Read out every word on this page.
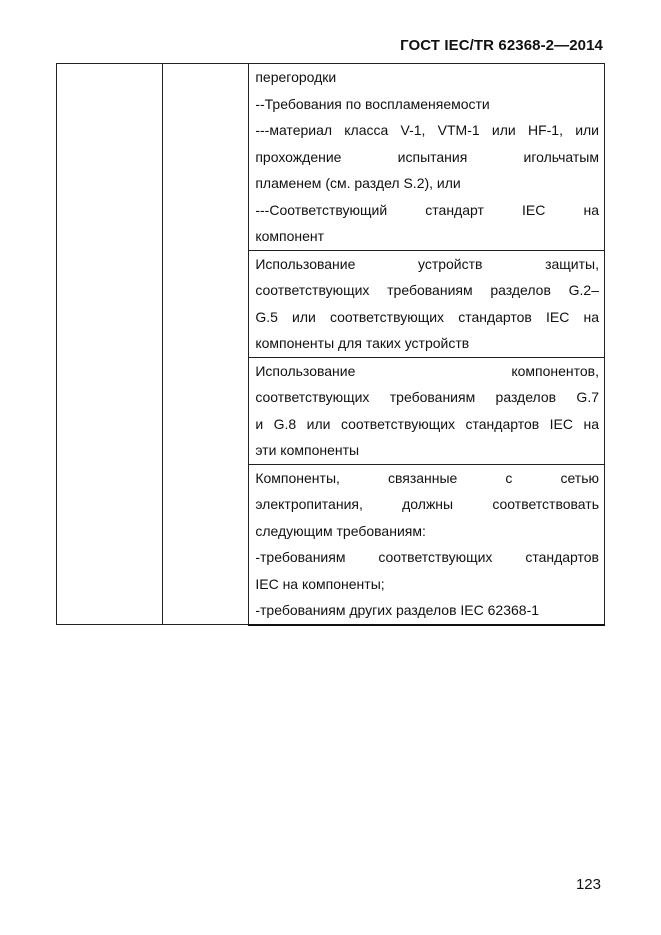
ГОСТ IEC/TR 62368-2—2014

перегородки
--Требования по воспламеняемости
---материал класса V-1, VTM-1 или HF-1, или
прохождение испытания игольчатым
пламенем (см. раздел S.2), или
---Соответствующий стандарт IEC на
компонент

Использование устройств защиты,
соответствующих требованиям разделов G.2–
G.5 или соответствующих стандартов IEC на
компоненты для таких устройств

Использование компонентов,
соответствующих требованиям разделов G.7
и G.8 или соответствующих стандартов IEC на
эти компоненты

Компоненты, связанные с сетью
электропитания, должны соответствовать
следующим требованиям:
-требованиям соответствующих стандартов
IEC на компоненты;
-требованиям других разделов IEC 62368-1
123
